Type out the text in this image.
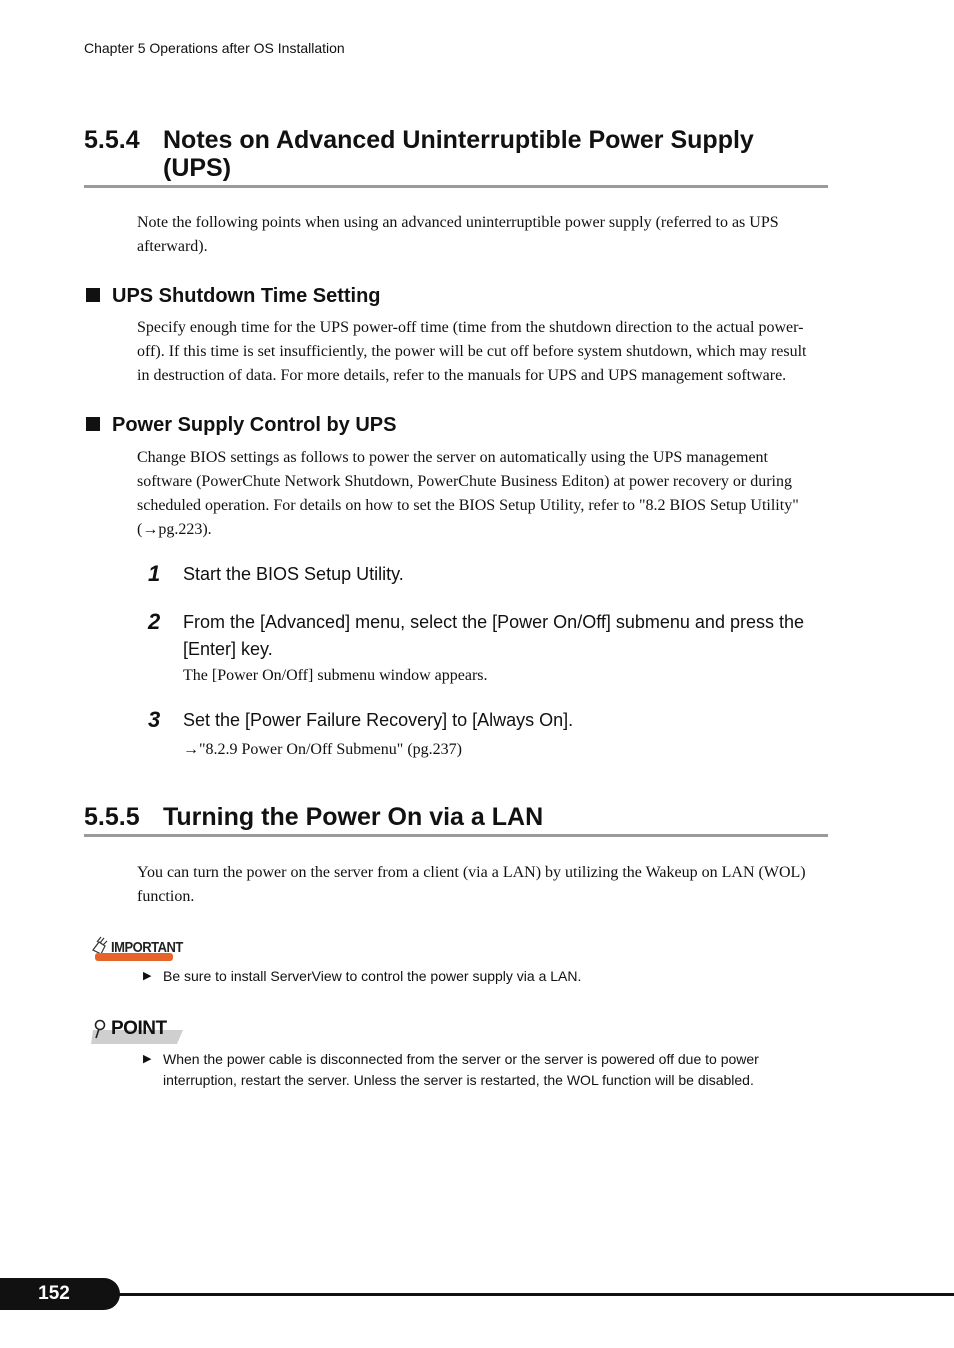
Chapter 5 Operations after OS Installation
5.5.4 Notes on Advanced Uninterruptible Power Supply
(UPS)
Note the following points when using an advanced uninterruptible power supply (referred to as UPS
afterward).
UPS Shutdown Time Setting
Specify enough time for the UPS power-off time (time from the shutdown direction to the actual power-
off). If this time is set insufficiently, the power will be cut off before system shutdown, which may result
in destruction of data. For more details, refer to the manuals for UPS and UPS management software.
Power Supply Control by UPS
Change BIOS settings as follows to power the server on automatically using the UPS management
software (PowerChute Network Shutdown, PowerChute Business Editon) at power recovery or during
scheduled operation. For details on how to set the BIOS Setup Utility, refer to "8.2 BIOS Setup Utility"
(→pg.223).
1 Start the BIOS Setup Utility.
2 From the [Advanced] menu, select the [Power On/Off] submenu and press the
[Enter] key.
The [Power On/Off] submenu window appears.
3 Set the [Power Failure Recovery] to [Always On].
→"8.2.9 Power On/Off Submenu" (pg.237)
5.5.5 Turning the Power On via a LAN
You can turn the power on the server from a client (via a LAN) by utilizing the Wakeup on LAN (WOL)
function.
IMPORTANT
▶ Be sure to install ServerView to control the power supply via a LAN.
POINT
▶ When the power cable is disconnected from the server or the server is powered off due to power
interruption, restart the server. Unless the server is restarted, the WOL function will be disabled.
152
